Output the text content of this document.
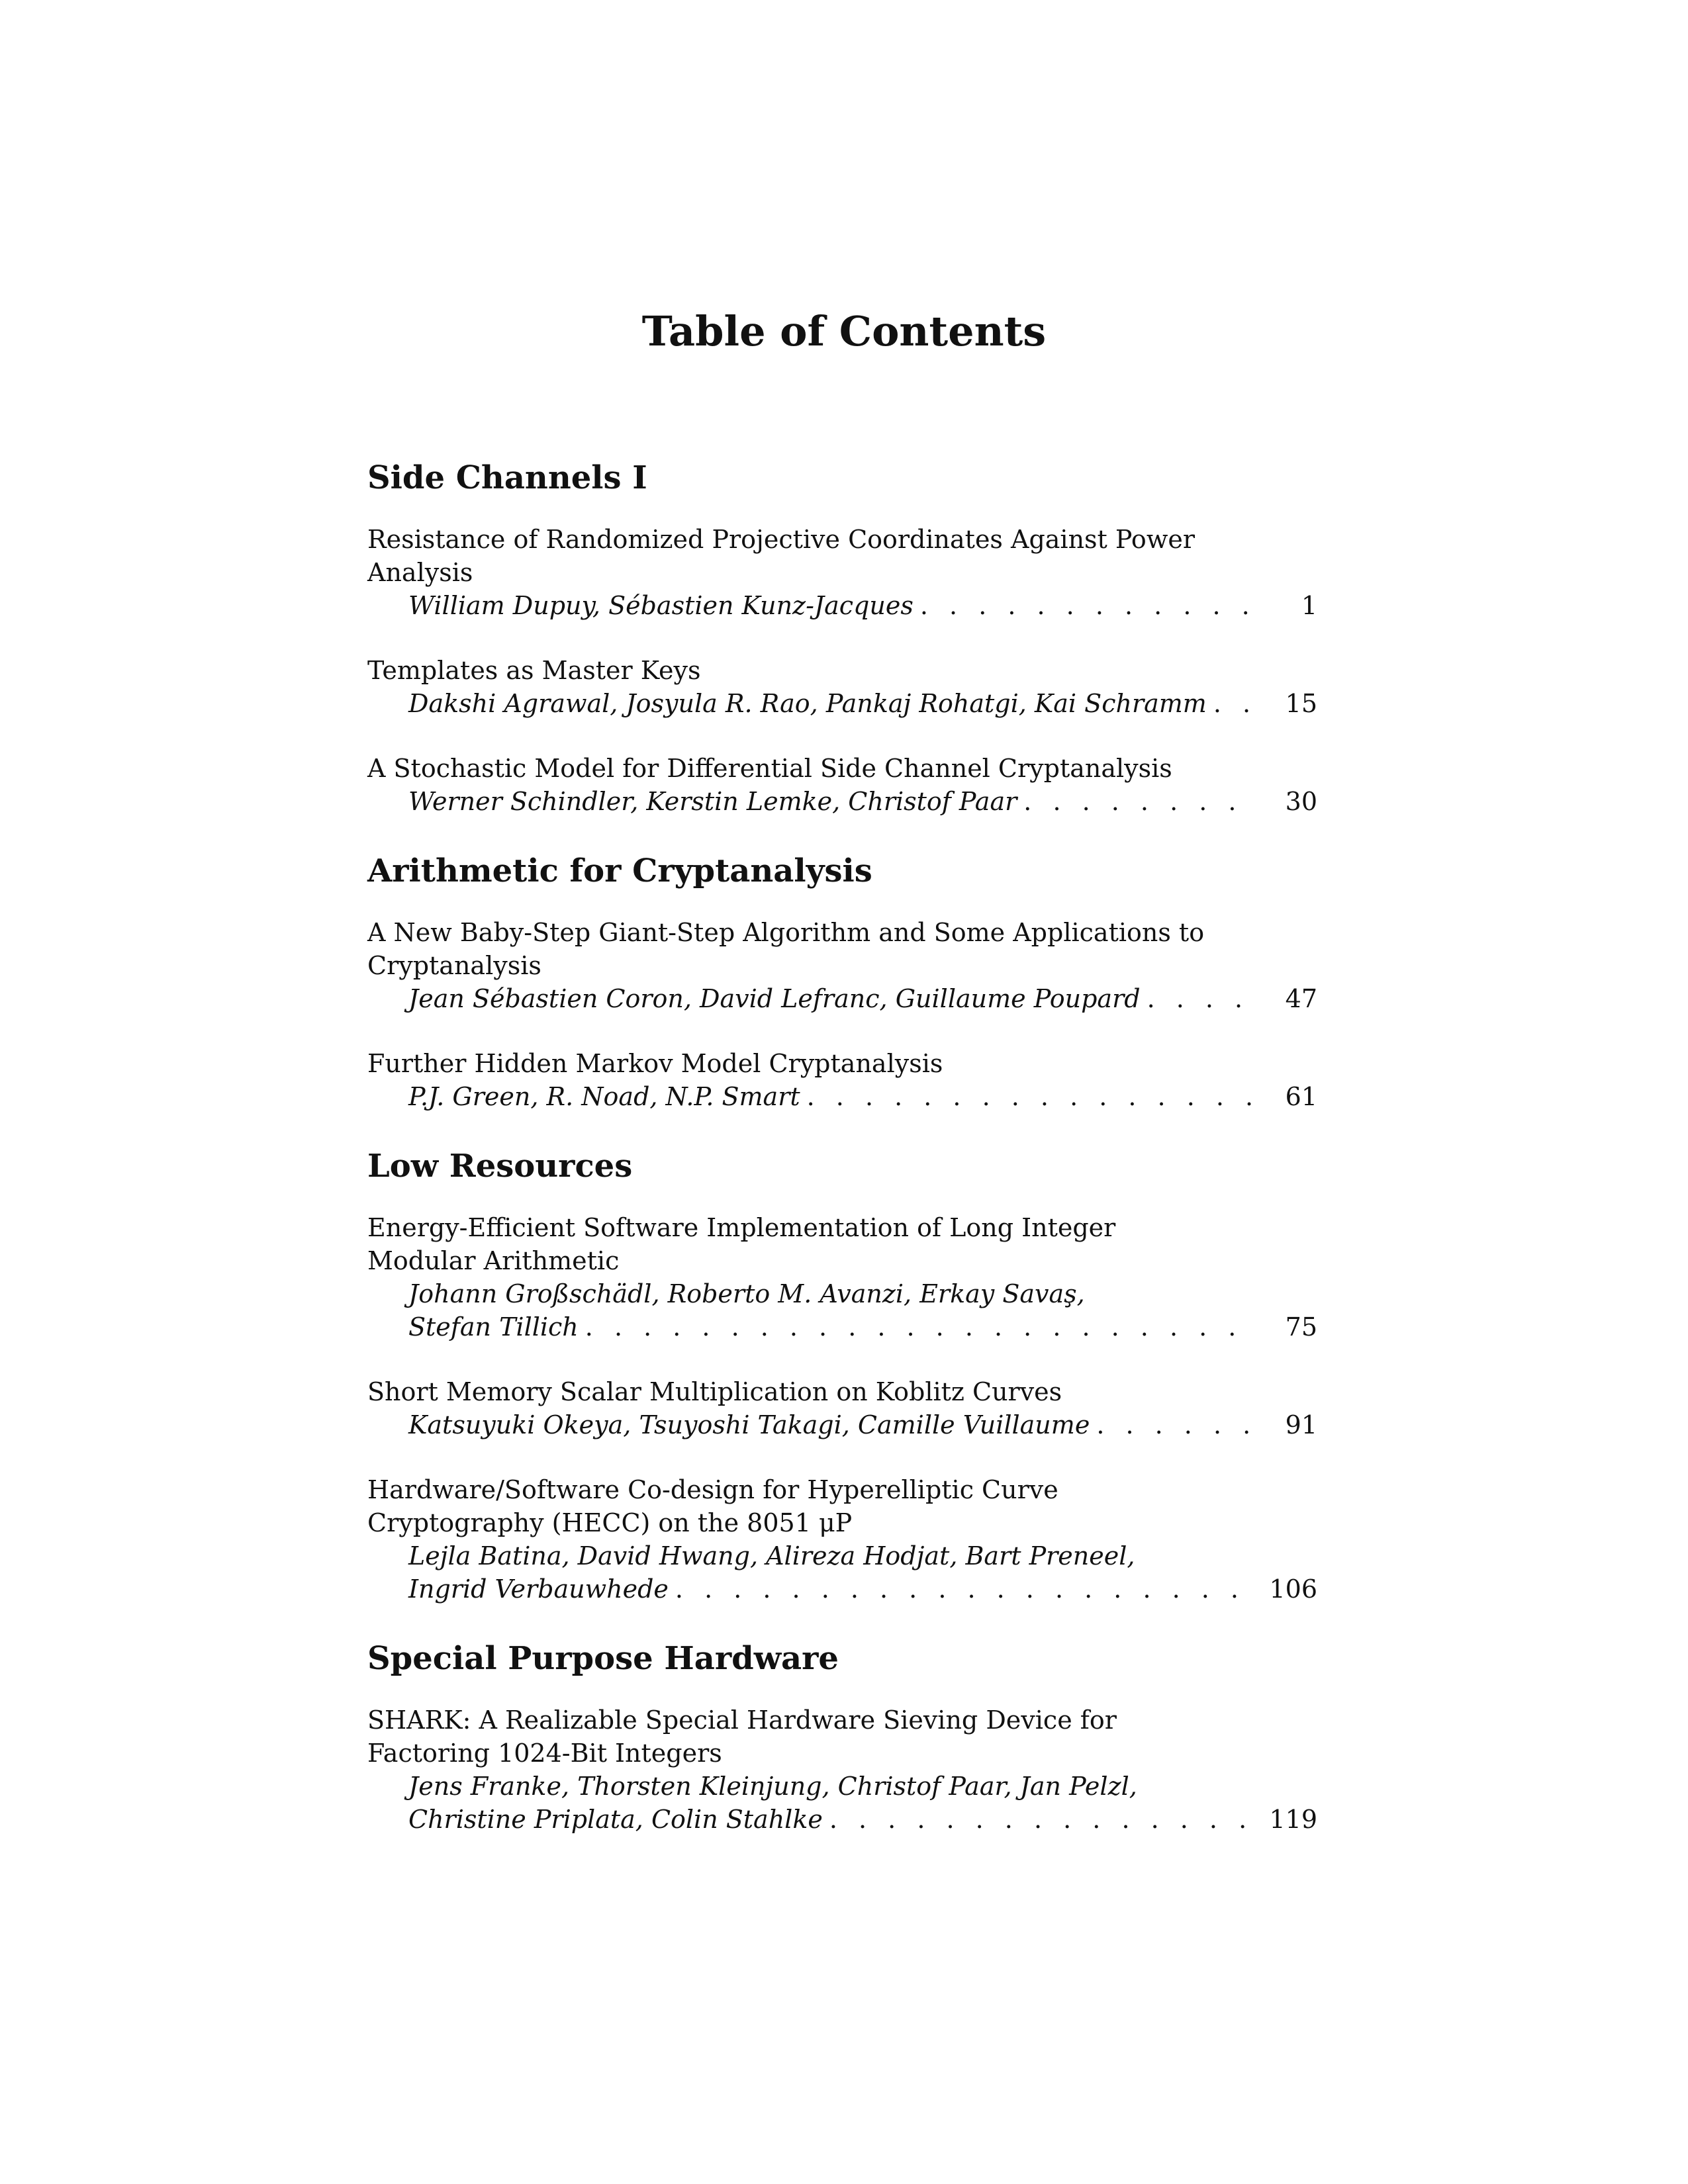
Table of Contents
Side Channels I
Resistance of Randomized Projective Coordinates Against Power Analysis
William Dupuy, Sébastien Kunz-Jacques . . .	1
Templates as Master Keys
Dakshi Agrawal, Josyula R. Rao, Pankaj Rohatgi, Kai Schramm . . .	15
A Stochastic Model for Differential Side Channel Cryptanalysis
Werner Schindler, Kerstin Lemke, Christof Paar . . .	30
Arithmetic for Cryptanalysis
A New Baby-Step Giant-Step Algorithm and Some Applications to Cryptanalysis
Jean Sébastien Coron, David Lefranc, Guillaume Poupard . . .	47
Further Hidden Markov Model Cryptanalysis
P.J. Green, R. Noad, N.P. Smart . . .	61
Low Resources
Energy-Efficient Software Implementation of Long Integer Modular Arithmetic
Johann Großschädl, Roberto M. Avanzi, Erkay Savaş,
Stefan Tillich . . .	75
Short Memory Scalar Multiplication on Koblitz Curves
Katsuyuki Okeya, Tsuyoshi Takagi, Camille Vuillaume . . .	91
Hardware/Software Co-design for Hyperelliptic Curve Cryptography (HECC) on the 8051 μP
Lejla Batina, David Hwang, Alireza Hodjat, Bart Preneel,
Ingrid Verbauwhede . . .	106
Special Purpose Hardware
SHARK: A Realizable Special Hardware Sieving Device for Factoring 1024-Bit Integers
Jens Franke, Thorsten Kleinjung, Christof Paar, Jan Pelzl,
Christine Priplata, Colin Stahlke . . .	119
